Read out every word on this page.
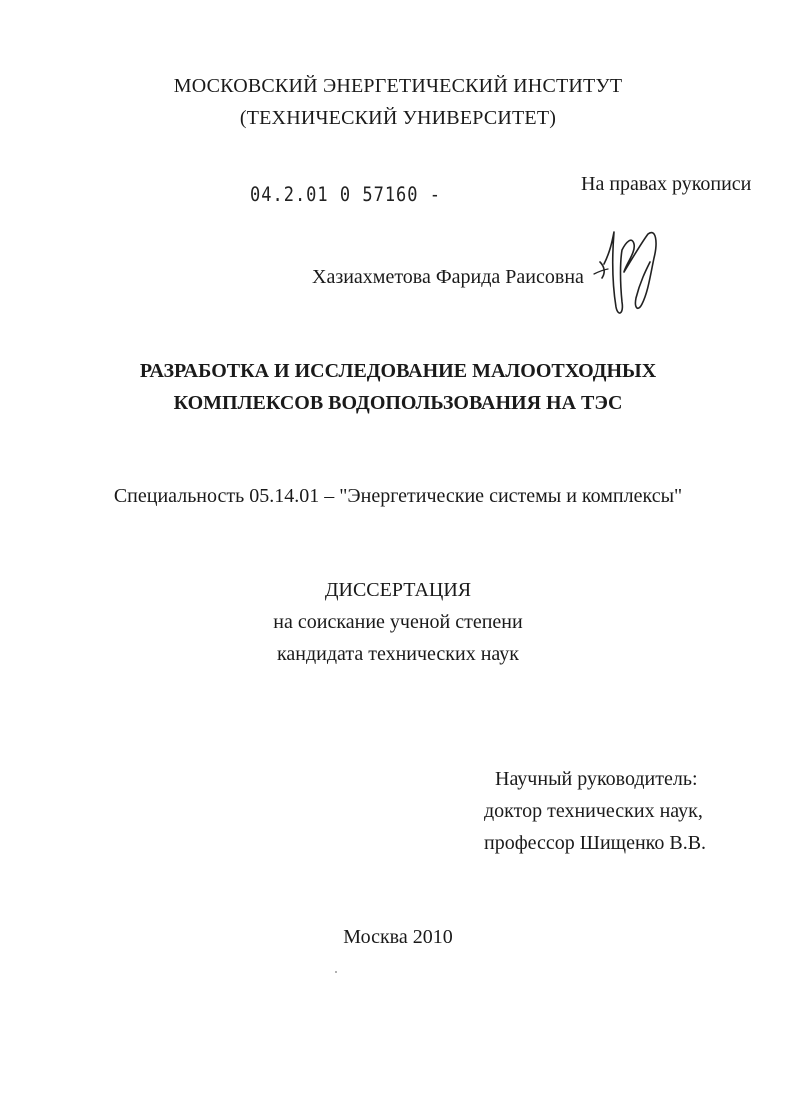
МОСКОВСКИЙ ЭНЕРГЕТИЧЕСКИЙ ИНСТИТУТ
(ТЕХНИЧЕСКИЙ УНИВЕРСИТЕТ)
04.2.01 0 57160 -	На правах рукописи
Хазиахметова Фарида Раисовна
РАЗРАБОТКА И ИССЛЕДОВАНИЕ МАЛООТХОДНЫХ
КОМПЛЕКСОВ ВОДОПОЛЬЗОВАНИЯ НА ТЭС
Специальность 05.14.01 – "Энергетические системы и комплексы"
ДИССЕРТАЦИЯ
на соискание ученой степени
кандидата технических наук
Научный руководитель:
доктор технических наук,
профессор Шищенко В.В.
Москва 2010
